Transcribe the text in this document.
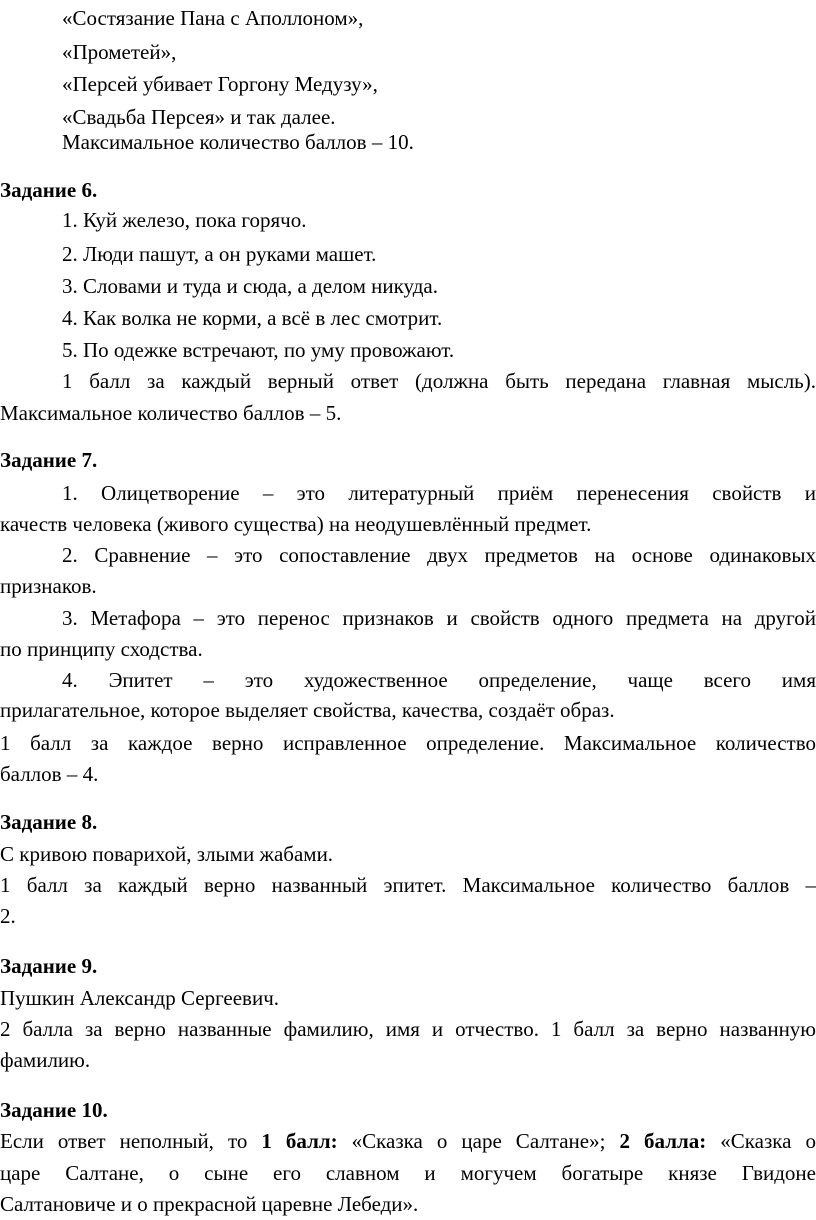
«Состязание Пана с Аполлоном»,
«Прометей»,
«Персей убивает Горгону Медузу»,
«Свадьба Персея» и так далее.
Максимальное количество баллов – 10.
Задание 6.
1. Куй железо, пока горячо.
2. Люди пашут, а он руками машет.
3. Словами и туда и сюда, а делом никуда.
4. Как волка не корми, а всё в лес смотрит.
5. По одежке встречают, по уму провожают.
1 балл за каждый верный ответ (должна быть передана главная мысль).
Максимальное количество баллов – 5.
Задание 7.
1. Олицетворение – это литературный приём перенесения свойств и
качеств человека (живого существа) на неодушевлённый предмет.
2. Сравнение – это сопоставление двух предметов на основе одинаковых
признаков.
3. Метафора – это перенос признаков и свойств одного предмета на другой
по принципу сходства.
4. Эпитет – это художественное определение, чаще всего имя
прилагательное, которое выделяет свойства, качества, создаёт образ.
1 балл за каждое верно исправленное определение. Максимальное количество
баллов – 4.
Задание 8.
С кривою поварихой, злыми жабами.
1 балл за каждый верно названный эпитет. Максимальное количество баллов –
2.
Задание 9.
Пушкин Александр Сергеевич.
2 балла за верно названные фамилию, имя и отчество. 1 балл за верно названную
фамилию.
Задание 10.
Если ответ неполный, то 1 балл: «Сказка о царе Салтане»; 2 балла: «Сказка о
царе Салтане, о сыне его славном и могучем богатыре князе Гвидоне
Салтановиче и о прекрасной царевне Лебеди».
